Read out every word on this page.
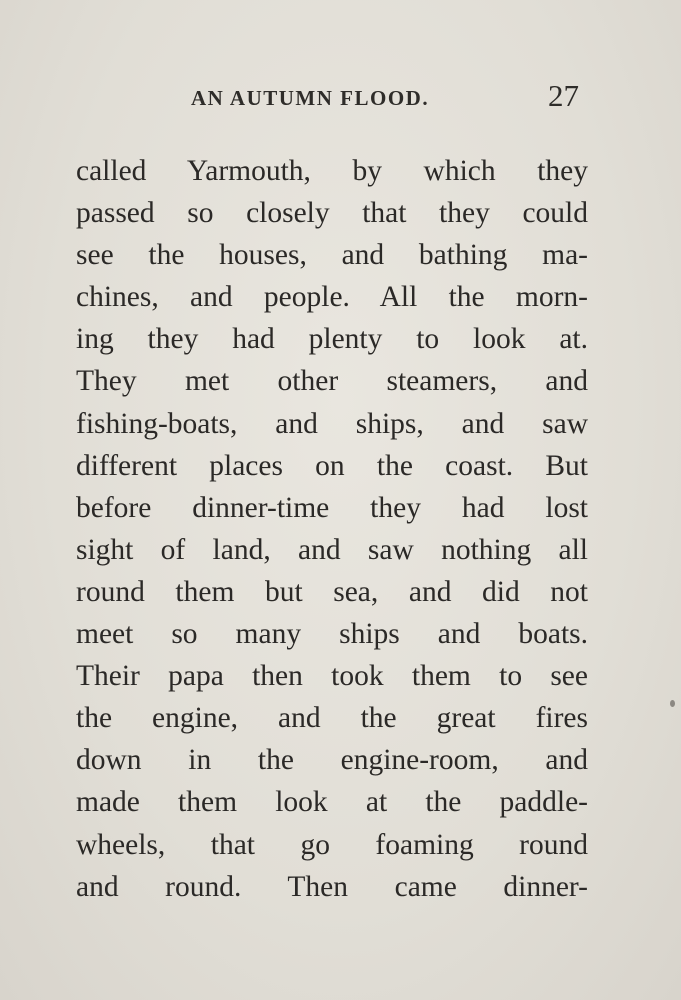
AN AUTUMN FLOOD.	27
called Yarmouth, by which they
passed so closely that they could
see the houses, and bathing ma-
chines, and people. All the morn-
ing they had plenty to look at.
They met other steamers, and
fishing-boats, and ships, and saw
different places on the coast. But
before dinner-time they had lost
sight of land, and saw nothing all
round them but sea, and did not
meet so many ships and boats.
Their papa then took them to see
the engine, and the great fires
down in the engine-room, and
made them look at the paddle-
wheels, that go foaming round
and round. Then came dinner-
